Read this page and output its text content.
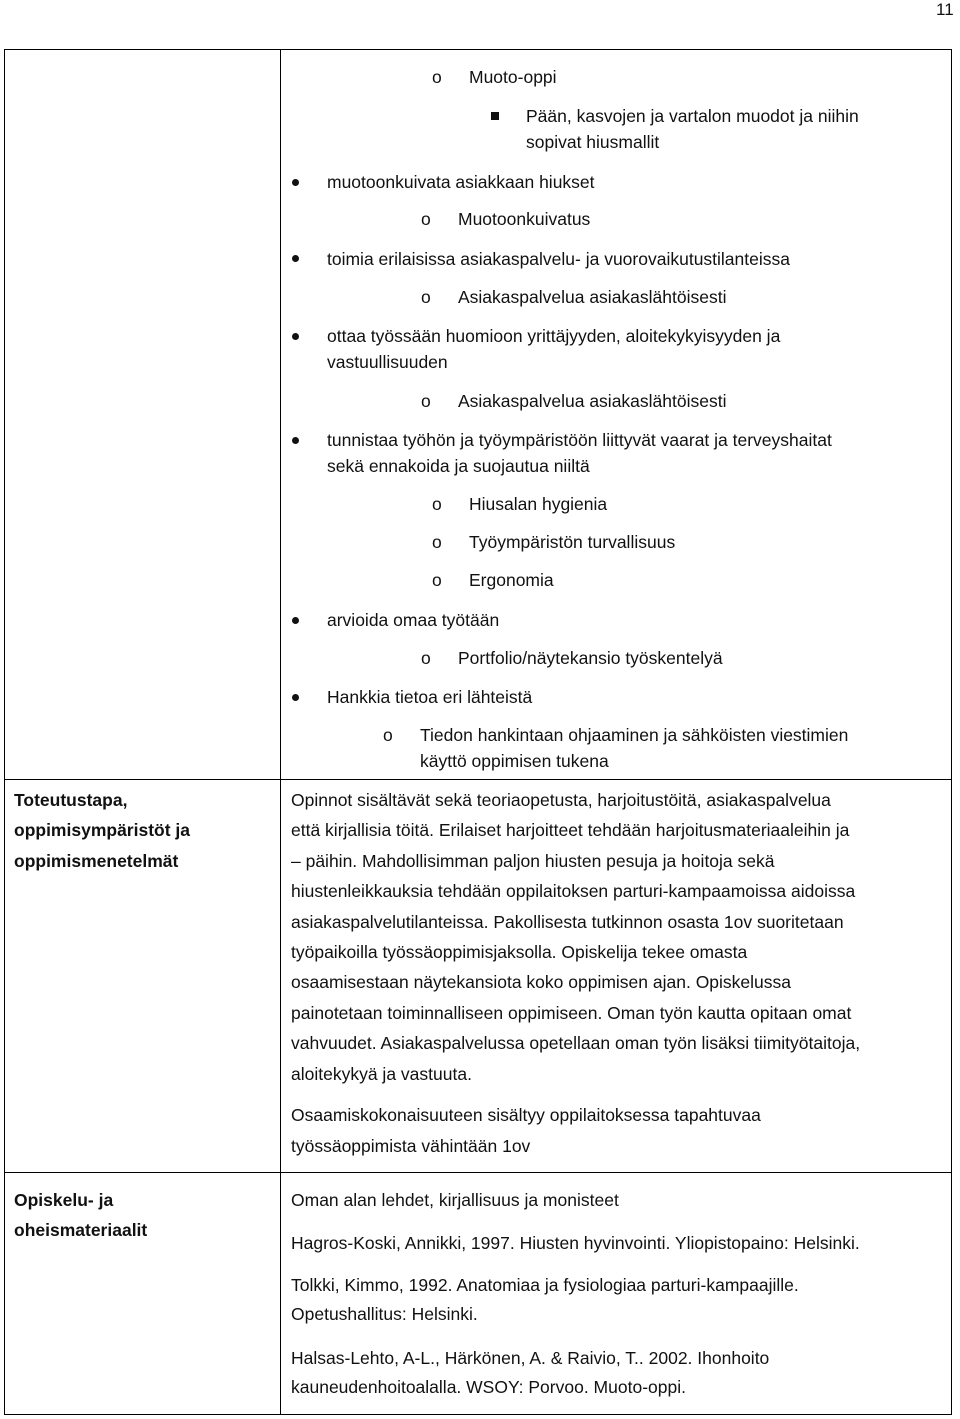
11
o Muoto-oppi
Pään, kasvojen ja vartalon muodot ja niihin
sopivat hiusmallit
muotoonkuivata asiakkaan hiukset
o Muotoonkuivatus
toimia erilaisissa asiakaspalvelu- ja vuorovaikutustilanteissa
o Asiakaspalvelua asiakaslähtöisesti
ottaa työssään huomioon yrittäjyyden, aloitekykyisyyden ja
vastuullisuuden
o Asiakaspalvelua asiakaslähtöisesti
tunnistaa työhön ja työympäristöön liittyvät vaarat ja terveyshaitat
sekä ennakoida ja suojautua niiltä
o Hiusalan hygienia
o Työympäristön turvallisuus
o Ergonomia
arvioida omaa työtään
o Portfolio/näytekansio työskentelyä
Hankkia tietoa eri lähteistä
o Tiedon hankintaan ohjaaminen ja sähköisten viestimien
käyttö oppimisen tukena
Toteutustapa,
oppimisympäristöt ja
oppimismenetelmät
Opinnot sisältävät sekä teoriaopetusta, harjoitustöitä, asiakaspalvelua
että kirjallisia töitä. Erilaiset harjoitteet tehdään harjoitusmateriaaleihin ja
– päihin. Mahdollisimman paljon hiusten pesuja ja hoitoja sekä
hiustenleikkauksia tehdään oppilaitoksen parturi-kampaamoissa aidoissa
asiakaspalvelutilanteissa. Pakollisesta tutkinnon osasta 1ov suoritetaan
työpaikoilla työssäoppimisjaksolla. Opiskelija tekee omasta
osaamisestaan näytekansiota koko oppimisen ajan. Opiskelussa
painotetaan toiminnalliseen oppimiseen. Oman työn kautta opitaan omat
vahvuudet. Asiakaspalvelussa opetellaan oman työn lisäksi tiimityötaitoja,
aloitekykyä ja vastuuta.
Osaamiskokonaisuuteen sisältyy oppilaitoksessa tapahtuvaa
työssäoppimista vähintään 1ov
Opiskelu- ja
oheismateriaalit
Oman alan lehdet, kirjallisuus ja monisteet
Hagros-Koski, Annikki, 1997. Hiusten hyvinvointi. Yliopistopaino: Helsinki.
Tolkki, Kimmo, 1992. Anatomiaa ja fysiologiaa parturi-kampaajille.
Opetushallitus: Helsinki.
Halsas-Lehto, A-L., Härkönen, A. & Raivio, T.. 2002. Ihonhoito
kauneudenhoitoalalla. WSOY: Porvoo. Muoto-oppi.
